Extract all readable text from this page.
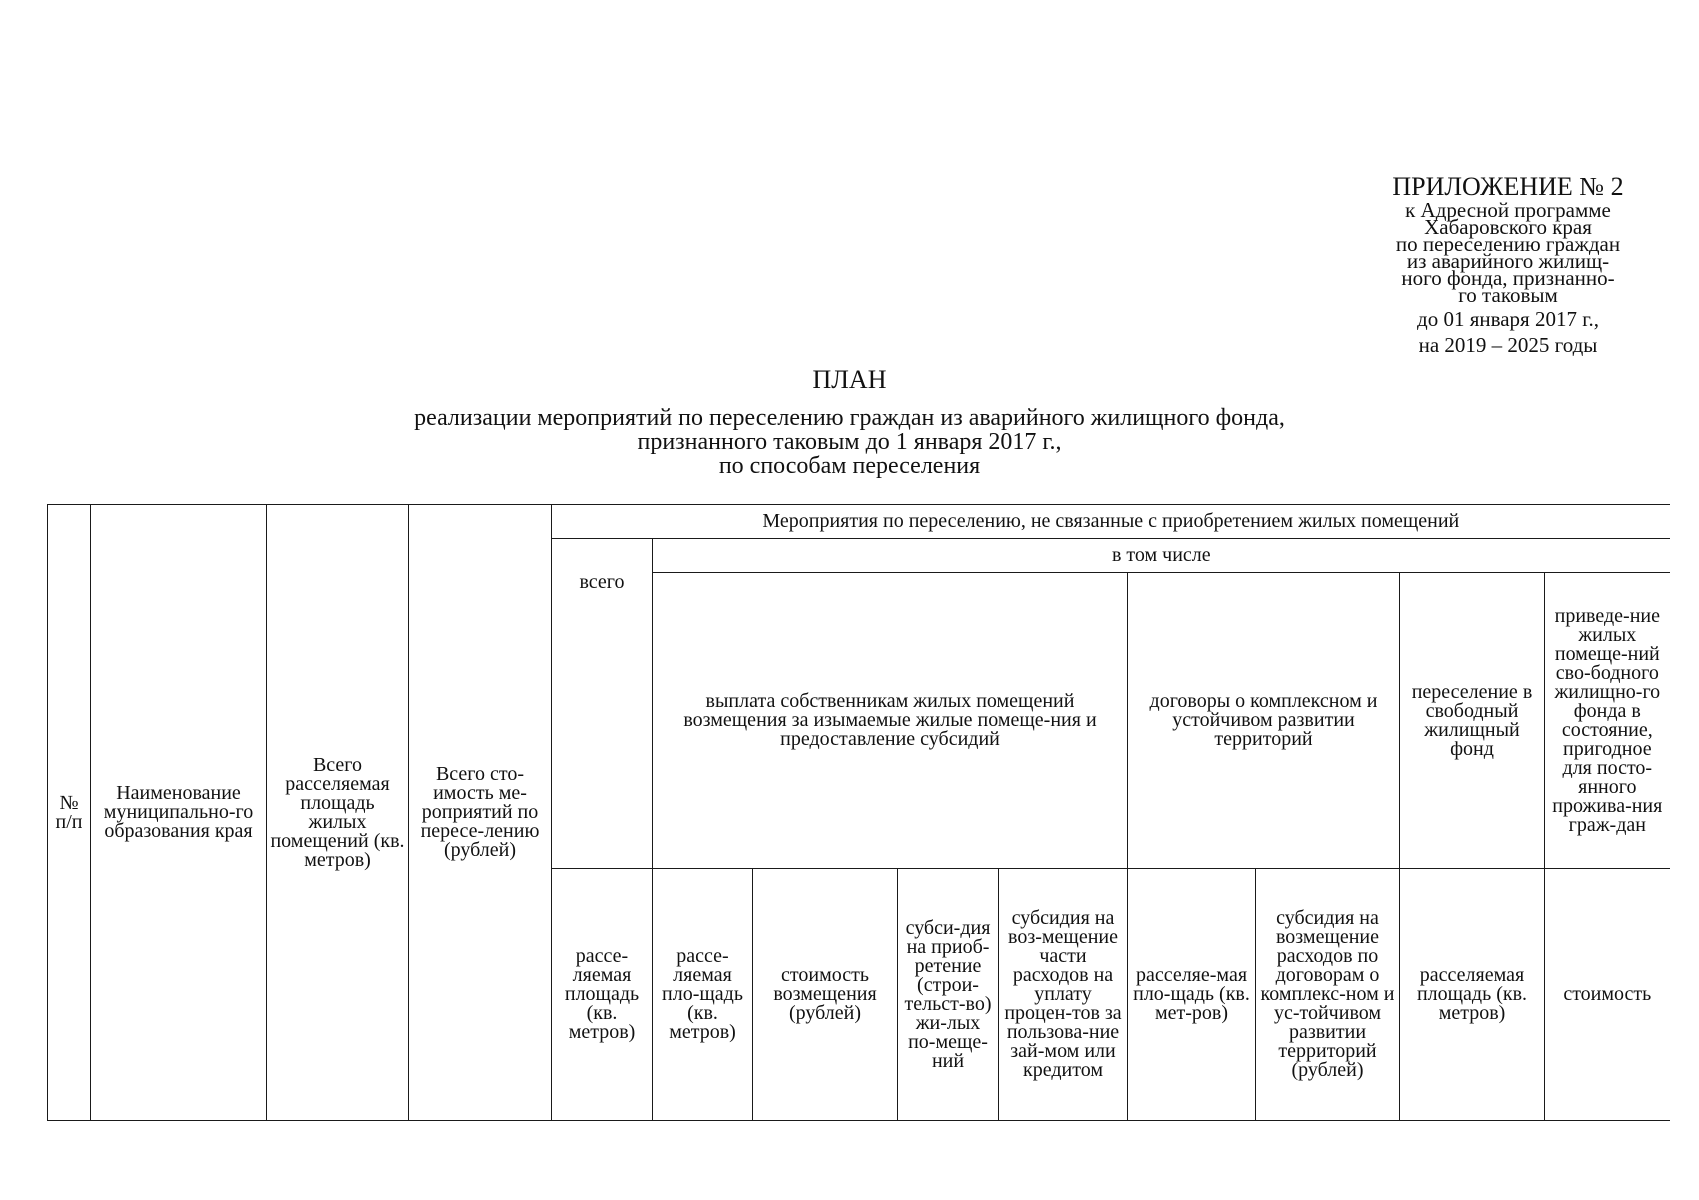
ПРИЛОЖЕНИЕ № 2
к Адресной программе
Хабаровского края
по переселению граждан
из аварийного жилищ-
ного фонда, признанно-
го таковым
до 01 января 2017 г.,
на 2019 – 2025 годы
ПЛАН
реализации мероприятий по переселению граждан из аварийного жилищного фонда,
признанного таковым до 1 января 2017 г.,
по способам переселения
№ п/п	Наименование муниципально-го образования края	Всего расселяемая площадь жилых помещений (кв. метров)	Всего сто-имость ме-роприятий по пересе-лению (рублей)	Мероприятия по переселению, не связанные с приобретением жилых помещений								
				всего	в том числе							
					выплата собственникам жилых помещений возмещения за изымаемые жилые помеще-ния и предоставление субсидий				договоры о комплексном и устойчивом развитии территорий		переселение в свободный жилищный фонд	приведе-ние жилых помеще-ний сво-бодного жилищно-го фонда в состояние, пригодное для посто-янного прожива-ния граж-дан
				рассе-ляемая площадь (кв. метров)	рассе-ляемая пло-щадь (кв. метров)	стоимость возмещения (рублей)	субси-дия на приоб-ретение (строи-тельст-во) жи-лых по-меще-ний	субсидия на воз-мещение части расходов на уплату процен-тов за пользова-ние зай-мом или кредитом	расселяе-мая пло-щадь (кв. мет-ров)	субсидия на возмещение расходов по договорам о комплекс-ном и ус-тойчивом развитии территорий (рублей)	расселяемая площадь (кв. метров)	стоимость
